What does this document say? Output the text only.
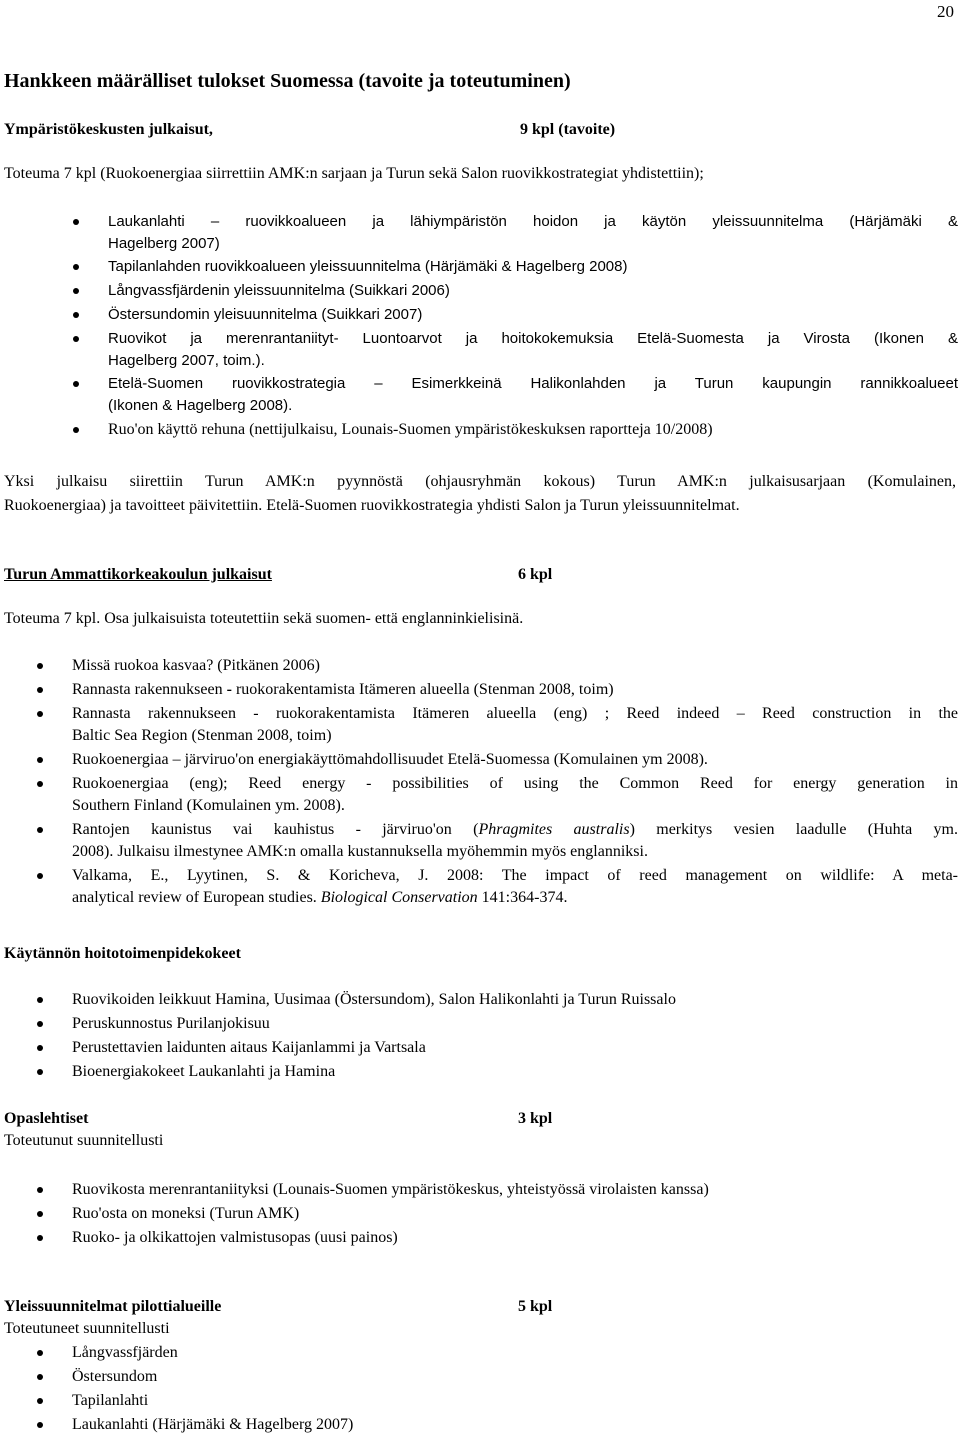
20
Hankkeen määrälliset tulokset Suomessa (tavoite ja toteutuminen)
Ympäristökeskusten julkaisut,	9 kpl (tavoite)
Toteuma 7 kpl (Ruokoenergiaa siirrettiin AMK:n sarjaan ja Turun sekä Salon ruovikkostrategiat yhdistettiin);
Laukanlahti – ruovikkoalueen ja lähiympäristön hoidon ja käytön yleissuunnitelma (Härjämäki &
Hagelberg 2007)
Tapilanlahden ruovikkoalueen yleissuunnitelma (Härjämäki & Hagelberg 2008)
Långvassfjärdenin yleissuunnitelma (Suikkari 2006)
Östersundomin yleisuunnitelma (Suikkari 2007)
Ruovikot ja merenrantaniityt- Luontoarvot ja hoitokokemuksia Etelä-Suomesta ja Virosta (Ikonen &
Hagelberg 2007, toim.).
Etelä-Suomen ruovikkostrategia – Esimerkkeinä Halikonlahden ja Turun kaupungin rannikkoalueet
(Ikonen & Hagelberg 2008).
Ruo'on käyttö rehuna (nettijulkaisu, Lounais-Suomen ympäristökeskuksen raportteja 10/2008)
Yksi julkaisu siirettiin Turun AMK:n pyynnöstä (ohjausryhmän kokous) Turun AMK:n julkaisusarjaan (Komulainen,
Ruokoenergiaa) ja tavoitteet päivitettiin. Etelä-Suomen ruovikkostrategia yhdisti Salon ja Turun yleissuunnitelmat.
Turun Ammattikorkeakoulun julkaisut	6 kpl
Toteuma 7 kpl. Osa julkaisuista toteutettiin sekä suomen- että englanninkielisinä.
Missä ruokoa kasvaa? (Pitkänen 2006)
Rannasta rakennukseen - ruokorakentamista Itämeren alueella (Stenman 2008, toim)
Rannasta rakennukseen - ruokorakentamista Itämeren alueella (eng) ; Reed indeed – Reed construction in the
Baltic Sea Region (Stenman 2008, toim)
Ruokoenergiaa – järviruo'on energiakäyttömahdollisuudet Etelä-Suomessa (Komulainen ym 2008).
Ruokoenergiaa (eng); Reed energy - possibilities of using the Common Reed for energy generation in
Southern Finland (Komulainen ym. 2008).
Rantojen kaunistus vai kauhistus - järviruo'on (Phragmites australis) merkitys vesien laadulle (Huhta ym.
2008). Julkaisu ilmestynee AMK:n omalla kustannuksella myöhemmin myös englanniksi.
Valkama, E., Lyytinen, S. & Koricheva, J. 2008: The impact of reed management on wildlife: A meta-
analytical review of European studies. Biological Conservation 141:364-374.
Käytännön hoitotoimenpidekokeet
Ruovikoiden leikkuut Hamina, Uusimaa (Östersundom), Salon Halikonlahti ja Turun Ruissalo
Peruskunnostus Purilanjokisuu
Perustettavien laidunten aitaus Kaijanlammi ja Vartsala
Bioenergiakokeet Laukanlahti ja Hamina
Opaslehtiset	3 kpl
Toteutunut suunnitellusti
Ruovikosta merenrantaniityksi (Lounais-Suomen ympäristökeskus, yhteistyössä virolaisten kanssa)
Ruo'osta on moneksi (Turun AMK)
Ruoko- ja olkikattojen valmistusopas (uusi painos)
Yleissuunnitelmat pilottialueille	5 kpl
Toteutuneet suunnitellusti
Långvassfjärden
Östersundom
Tapilanlahti
Laukanlahti (Härjämäki & Hagelberg 2007)
